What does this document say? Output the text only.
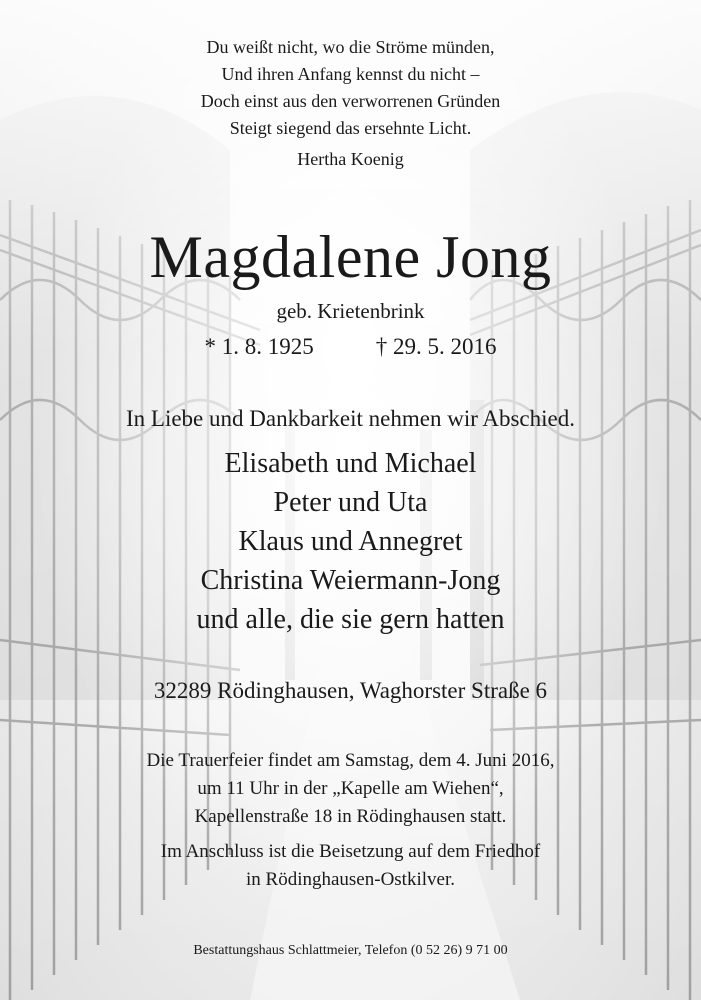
Du weißt nicht, wo die Ströme münden,
Und ihren Anfang kennst du nicht –
Doch einst aus den verworrenen Gründen
Steigt siegend das ersehnte Licht.
Hertha Koenig
Magdalene Jong
geb. Krietenbrink
* 1. 8. 1925	† 29. 5. 2016
In Liebe und Dankbarkeit nehmen wir Abschied.
Elisabeth und Michael
Peter und Uta
Klaus und Annegret
Christina Weiermann-Jong
und alle, die sie gern hatten
32289 Rödinghausen, Waghorster Straße 6
Die Trauerfeier findet am Samstag, dem 4. Juni 2016,
um 11 Uhr in der „Kapelle am Wiehen“,
Kapellenstraße 18 in Rödinghausen statt.
Im Anschluss ist die Beisetzung auf dem Friedhof
in Rödinghausen-Ostkilver.
Bestattungshaus Schlattmeier, Telefon (0 52 26) 9 71 00
